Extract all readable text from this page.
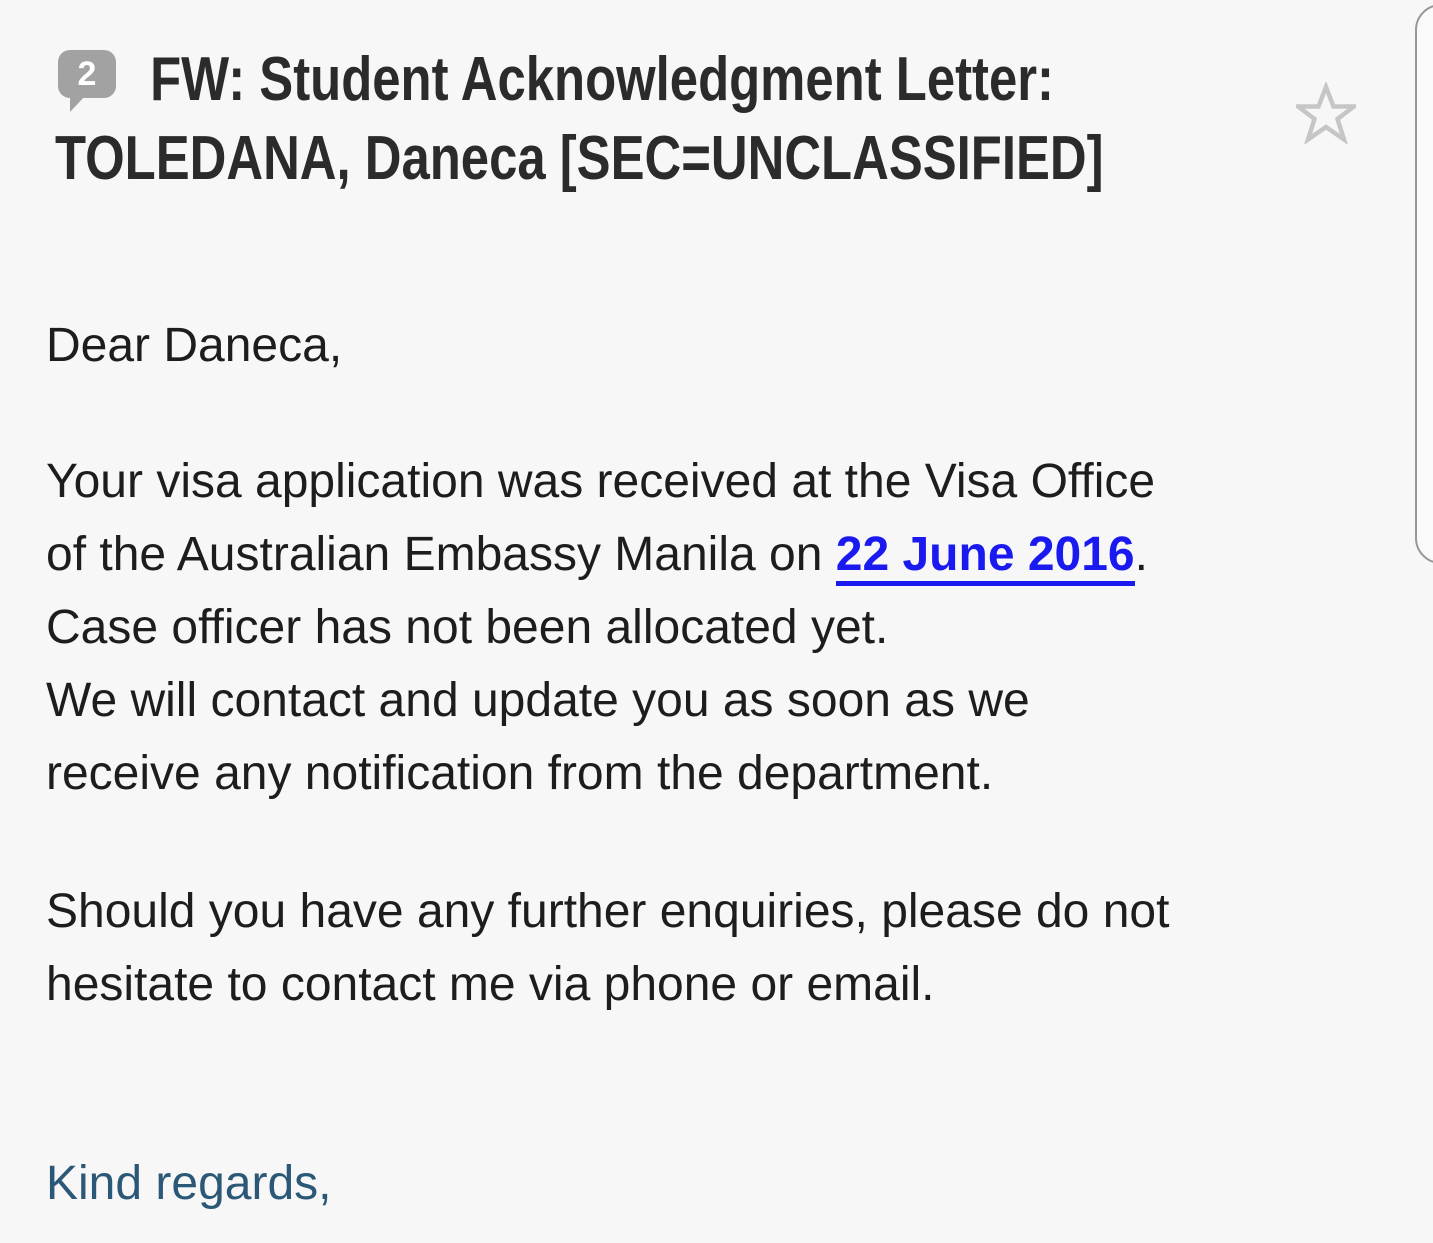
2 FW: Student Acknowledgment Letter:
TOLEDANA, Daneca [SEC=UNCLASSIFIED]

Dear Daneca,

Your visa application was received at the Visa Office
of the Australian Embassy Manila on 22 June 2016.
Case officer has not been allocated yet.
We will contact and update you as soon as we
receive any notification from the department.

Should you have any further enquiries, please do not
hesitate to contact me via phone or email.

Kind regards,
